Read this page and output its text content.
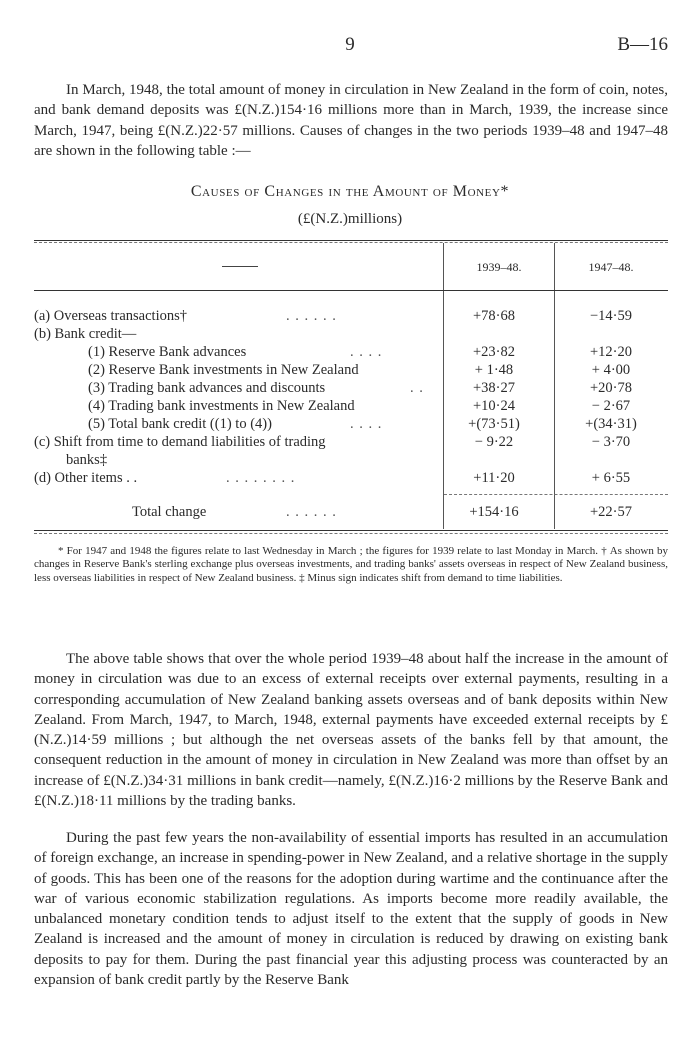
9	B—16

In March, 1948, the total amount of money in circulation in New Zealand in the form of coin, notes, and bank demand deposits was £(N.Z.)154·16 millions more than in March, 1939, the increase since March, 1947, being £(N.Z.)22·57 millions. Causes of changes in the two periods 1939–48 and 1947–48 are shown in the following table :—

Causes of Changes in the Amount of Money*
(£(N.Z.)millions)
1939–48.	1947–48.
(a) Overseas transactions†	. . . . . .	+78·68	−14·59
(b) Bank credit—
(1) Reserve Bank advances	. . . .	+23·82	+12·20
(2) Reserve Bank investments in New Zealand	+ 1·48	+ 4·00
(3) Trading bank advances and discounts	. .	+38·27	+20·78
(4) Trading bank investments in New Zealand	+10·24	− 2·67
(5) Total bank credit ((1) to (4))	. . . .	+(73·51)	+(34·31)
(c) Shift from time to demand liabilities of trading	− 9·22	− 3·70
banks‡
(d) Other items . .	. . . . . . . .	+11·20	+ 6·55
Total change	. . . . . .	+154·16	+22·57

* For 1947 and 1948 the figures relate to last Wednesday in March ; the figures for 1939 relate to last Monday in March. † As shown by changes in Reserve Bank's sterling exchange plus overseas investments, and trading banks' assets overseas in respect of New Zealand business, less overseas liabilities in respect of New Zealand business. ‡ Minus sign indicates shift from demand to time liabilities.

The above table shows that over the whole period 1939–48 about half the increase in the amount of money in circulation was due to an excess of external receipts over external payments, resulting in a corresponding accumulation of New Zealand banking assets overseas and of bank deposits within New Zealand. From March, 1947, to March, 1948, external payments have exceeded external receipts by £(N.Z.)14·59 millions ; but although the net overseas assets of the banks fell by that amount, the consequent reduction in the amount of money in circulation in New Zealand was more than offset by an increase of £(N.Z.)34·31 millions in bank credit—namely, £(N.Z.)16·2 millions by the Reserve Bank and £(N.Z.)18·11 millions by the trading banks.

During the past few years the non-availability of essential imports has resulted in an accumulation of foreign exchange, an increase in spending-power in New Zealand, and a relative shortage in the supply of goods. This has been one of the reasons for the adoption during wartime and the continuance after the war of various economic stabilization regulations. As imports become more readily available, the unbalanced monetary condition tends to adjust itself to the extent that the supply of goods in New Zealand is increased and the amount of money in circulation is reduced by drawing on existing bank deposits to pay for them. During the past financial year this adjusting process was counteracted by an expansion of bank credit partly by the Reserve Bank
